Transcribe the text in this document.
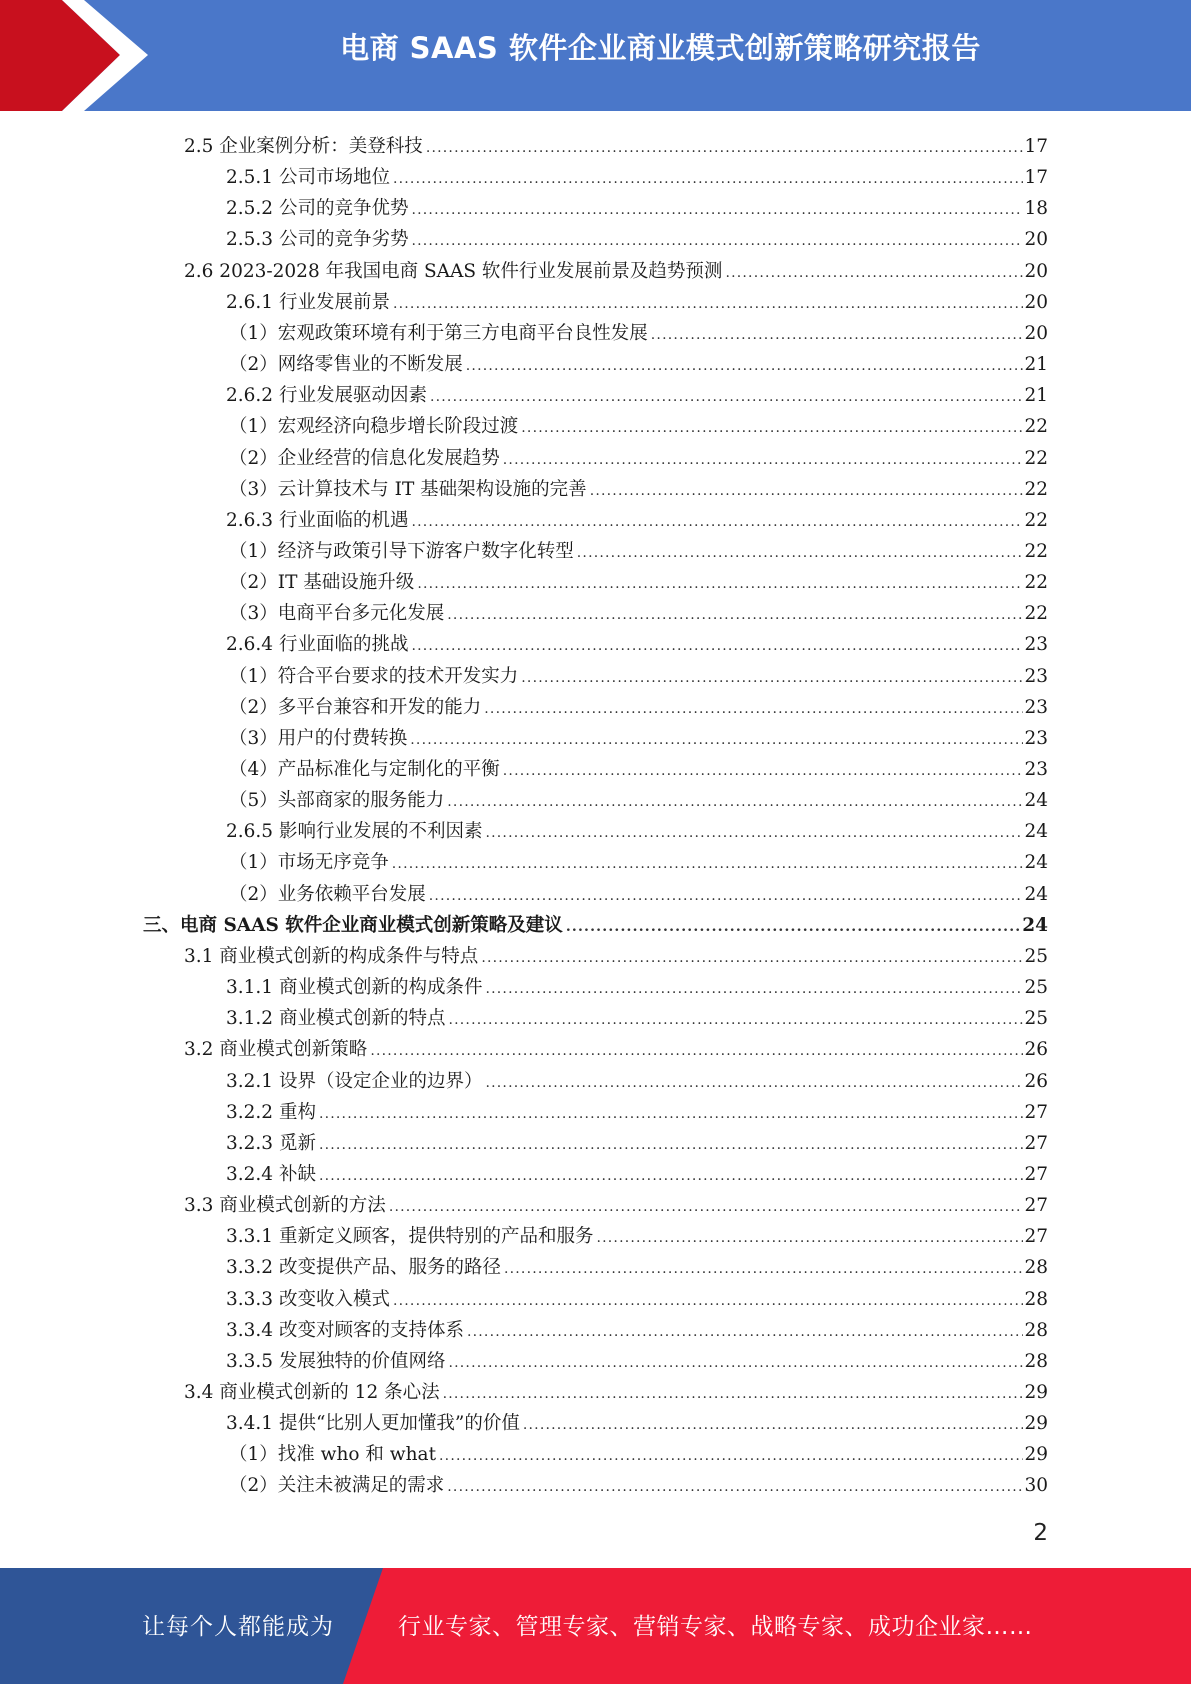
电商 SAAS 软件企业商业模式创新策略研究报告
2.5 企业案例分析：美登科技 .....	17
2.5.1 公司市场地位 .....	17
2.5.2 公司的竞争优势 .....	18
2.5.3 公司的竞争劣势 .....	20
2.6 2023-2028 年我国电商 SAAS 软件行业发展前景及趋势预测 .....	20
2.6.1 行业发展前景 .....	20
（1）宏观政策环境有利于第三方电商平台良性发展 .....	20
（2）网络零售业的不断发展 .....	21
2.6.2 行业发展驱动因素 .....	21
（1）宏观经济向稳步增长阶段过渡 .....	22
（2）企业经营的信息化发展趋势 .....	22
（3）云计算技术与 IT 基础架构设施的完善 .....	22
2.6.3 行业面临的机遇 .....	22
（1）经济与政策引导下游客户数字化转型 .....	22
（2）IT 基础设施升级 .....	22
（3）电商平台多元化发展 .....	22
2.6.4 行业面临的挑战 .....	23
（1）符合平台要求的技术开发实力 .....	23
（2）多平台兼容和开发的能力 .....	23
（3）用户的付费转换 .....	23
（4）产品标准化与定制化的平衡 .....	23
（5）头部商家的服务能力 .....	24
2.6.5 影响行业发展的不利因素 .....	24
（1）市场无序竞争 .....	24
（2）业务依赖平台发展 .....	24
三、电商 SAAS 软件企业商业模式创新策略及建议 .....	24
3.1 商业模式创新的构成条件与特点 .....	25
3.1.1 商业模式创新的构成条件 .....	25
3.1.2 商业模式创新的特点 .....	25
3.2 商业模式创新策略 .....	26
3.2.1 设界（设定企业的边界） .....	26
3.2.2 重构 .....	27
3.2.3 觅新 .....	27
3.2.4 补缺 .....	27
3.3 商业模式创新的方法 .....	27
3.3.1 重新定义顾客，提供特别的产品和服务 .....	27
3.3.2 改变提供产品、服务的路径 .....	28
3.3.3 改变收入模式 .....	28
3.3.4 改变对顾客的支持体系 .....	28
3.3.5 发展独特的价值网络 .....	28
3.4 商业模式创新的 12 条心法 .....	29
3.4.1 提供“比别人更加懂我”的价值 .....	29
（1）找准 who 和 what .....	29
（2）关注未被满足的需求 .....	30
2
让每个人都能成为	行业专家、管理专家、营销专家、战略专家、成功企业家……
